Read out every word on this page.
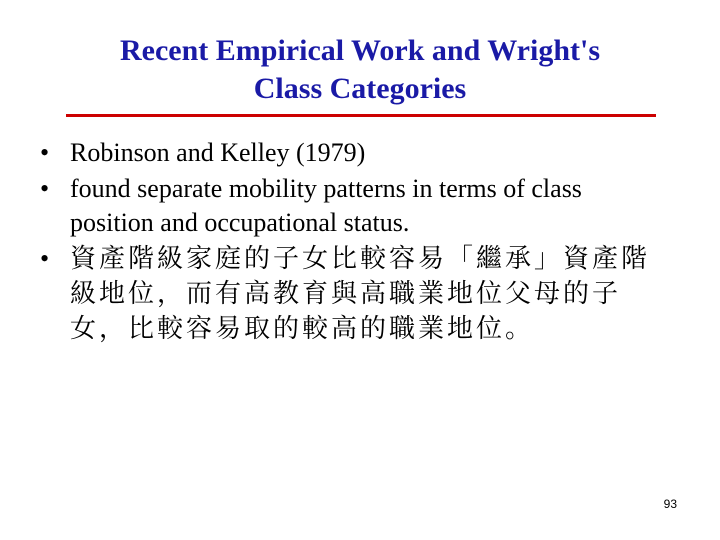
Recent Empirical Work and Wright's
Class Categories
• Robinson and Kelley (1979)
• found separate mobility patterns in terms of class position and occupational status.
• 資產階級家庭的子女比較容易「繼承」資產階級地位，而有高教育與高職業地位父母的子女，比較容易取的較高的職業地位。
93
